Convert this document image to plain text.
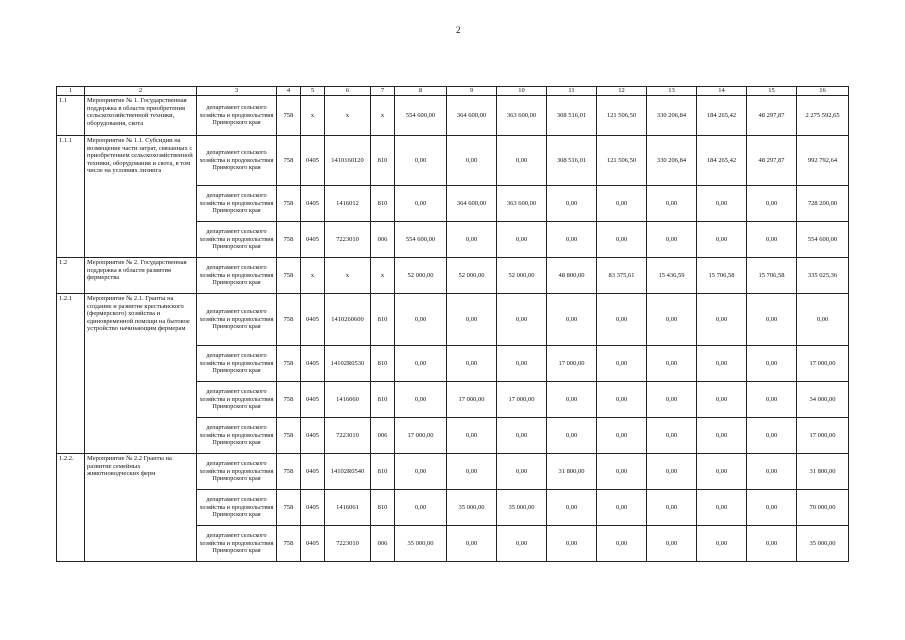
2
1	2	3	4	5	6	7	8	9	10	11	12	13	14	15	16
1.1	Мероприятие № 1. Государственная поддержка в области приобретения сельскохозяйственной техники, оборудования, скота	департамент сельского хозяйства и продовольствия Приморского края	758	x	x	x	554 600,00	364 600,00	363 600,00	308 516,01	121 506,50	330 206,84	184 265,42	48 297,87	2 275 592,65
1.1.1	Мероприятие № 1.1. Субсидии на возмещение части затрат, связанных с приобретением сельскохозяйственной техники, оборудования и скота, в том числе на условиях лизинга	департамент сельского хозяйства и продовольствия Приморского края	758	0405	1410160120	810	0,00	0,00	0,00	308 516,01	121 506,50	330 206,84	184 265,42	48 297,87	992 792,64
		департамент сельского хозяйства и продовольствия Приморского края	758	0405	1416012	810	0,00	364 600,00	363 600,00	0,00	0,00	0,00	0,00	0,00	728 200,00
		департамент сельского хозяйства и продовольствия Приморского края	758	0405	7223010	006	554 600,00	0,00	0,00	0,00	0,00	0,00	0,00	0,00	554 600,00
1.2	Мероприятие № 2. Государственная поддержка в области развития фермерства	департамент сельского хозяйства и продовольствия Приморского края	758	x	x	x	52 000,00	52 000,00	52 000,00	48 800,00	83 375,61	15 436,59	15 706,58	15 706,58	335 025,36
1.2.1	Мероприятие № 2.1. Гранты на создание и развитие крестьянского (фермерского) хозяйства и единовременной помощи на бытовое устройство начинающим фермерам	департамент сельского хозяйства и продовольствия Приморского края	758	0405	1410260600	810	0,00	0,00	0,00	0,00	0,00	0,00	0,00	0,00	0,00
		департамент сельского хозяйства и продовольствия Приморского края	758	0405	14102R0530	810	0,00	0,00	0,00	17 000,00	0,00	0,00	0,00	0,00	17 000,00
		департамент сельского хозяйства и продовольствия Приморского края	758	0405	1416060	810	0,00	17 000,00	17 000,00	0,00	0,00	0,00	0,00	0,00	34 000,00
		департамент сельского хозяйства и продовольствия Приморского края	758	0405	7223010	006	17 000,00	0,00	0,00	0,00	0,00	0,00	0,00	0,00	17 000,00
1.2.2.	Мероприятие № 2.2 Гранты на развитие семейных животноводческих ферм	департамент сельского хозяйства и продовольствия Приморского края	758	0405	14102R0540	810	0,00	0,00	0,00	31 800,00	0,00	0,00	0,00	0,00	31 800,00
		департамент сельского хозяйства и продовольствия Приморского края	758	0405	1416061	810	0,00	35 000,00	35 000,00	0,00	0,00	0,00	0,00	0,00	70 000,00
		департамент сельского хозяйства и продовольствия Приморского края	758	0405	7223010	006	35 000,00	0,00	0,00	0,00	0,00	0,00	0,00	0,00	35 000,00
